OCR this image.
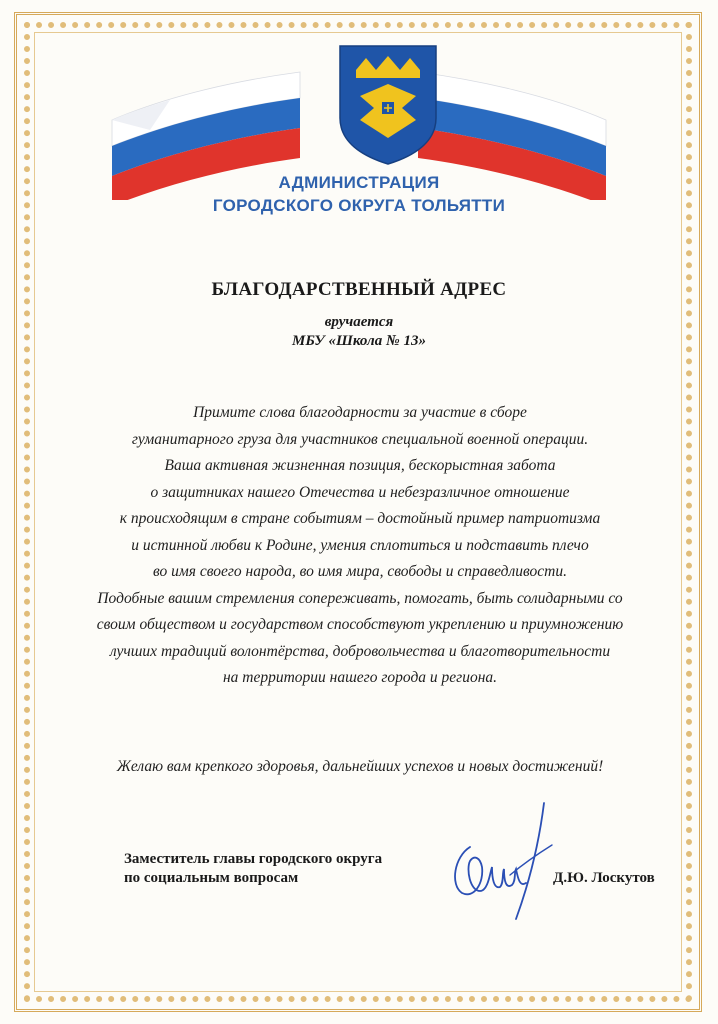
АДМИНИСТРАЦИЯ
ГОРОДСКОГО ОКРУГА ТОЛЬЯТТИ
БЛАГОДАРСТВЕННЫЙ АДРЕС
вручается
МБУ «Школа № 13»
Примите слова благодарности за участие в сборе
гуманитарного груза для участников специальной военной операции.
Ваша активная жизненная позиция, бескорыстная забота
о защитниках нашего Отечества и небезразличное отношение
к происходящим в стране событиям – достойный пример патриотизма
и истинной любви к Родине, умения сплотиться и подставить плечо
во имя своего народа, во имя мира, свободы и справедливости.
Подобные вашим стремления сопереживать, помогать, быть солидарными со
своим обществом и государством способствуют укреплению и приумножению
лучших традиций волонтёрства, добровольчества и благотворительности
на территории нашего города и региона.
Желаю вам крепкого здоровья, дальнейших успехов и новых достижений!
Заместитель главы городского округа
по социальным вопросам	Д.Ю. Лоскутов
